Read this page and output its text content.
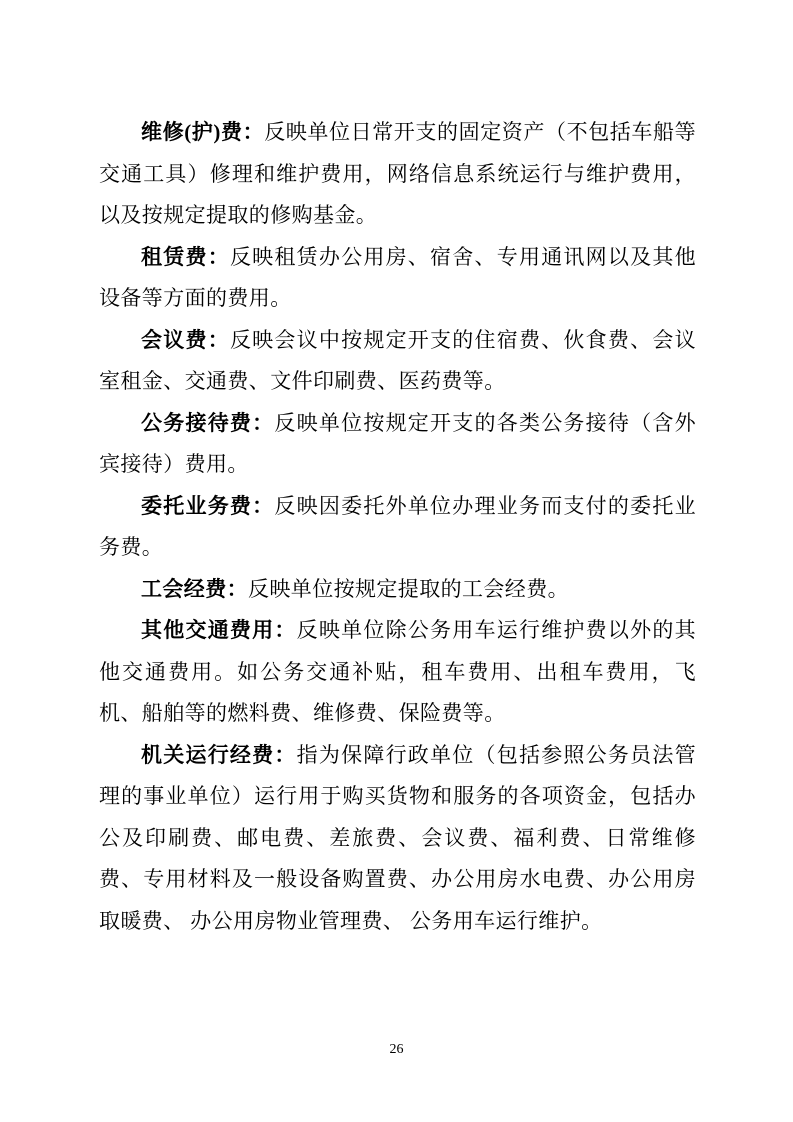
维修(护)费：反映单位日常开支的固定资产（不包括车船等交通工具）修理和维护费用，网络信息系统运行与维护费用，以及按规定提取的修购基金。

租赁费：反映租赁办公用房、宿舍、专用通讯网以及其他设备等方面的费用。

会议费：反映会议中按规定开支的住宿费、伙食费、会议室租金、交通费、文件印刷费、医药费等。

公务接待费：反映单位按规定开支的各类公务接待（含外宾接待）费用。

委托业务费：反映因委托外单位办理业务而支付的委托业务费。

工会经费：反映单位按规定提取的工会经费。

其他交通费用：反映单位除公务用车运行维护费以外的其他交通费用。如公务交通补贴，租车费用、出租车费用，飞机、船舶等的燃料费、维修费、保险费等。

机关运行经费：指为保障行政单位（包括参照公务员法管理的事业单位）运行用于购买货物和服务的各项资金，包括办公及印刷费、邮电费、差旅费、会议费、福利费、日常维修费、专用材料及一般设备购置费、办公用房水电费、办公用房取暖费、 办公用房物业管理费、 公务用车运行维护。

26
